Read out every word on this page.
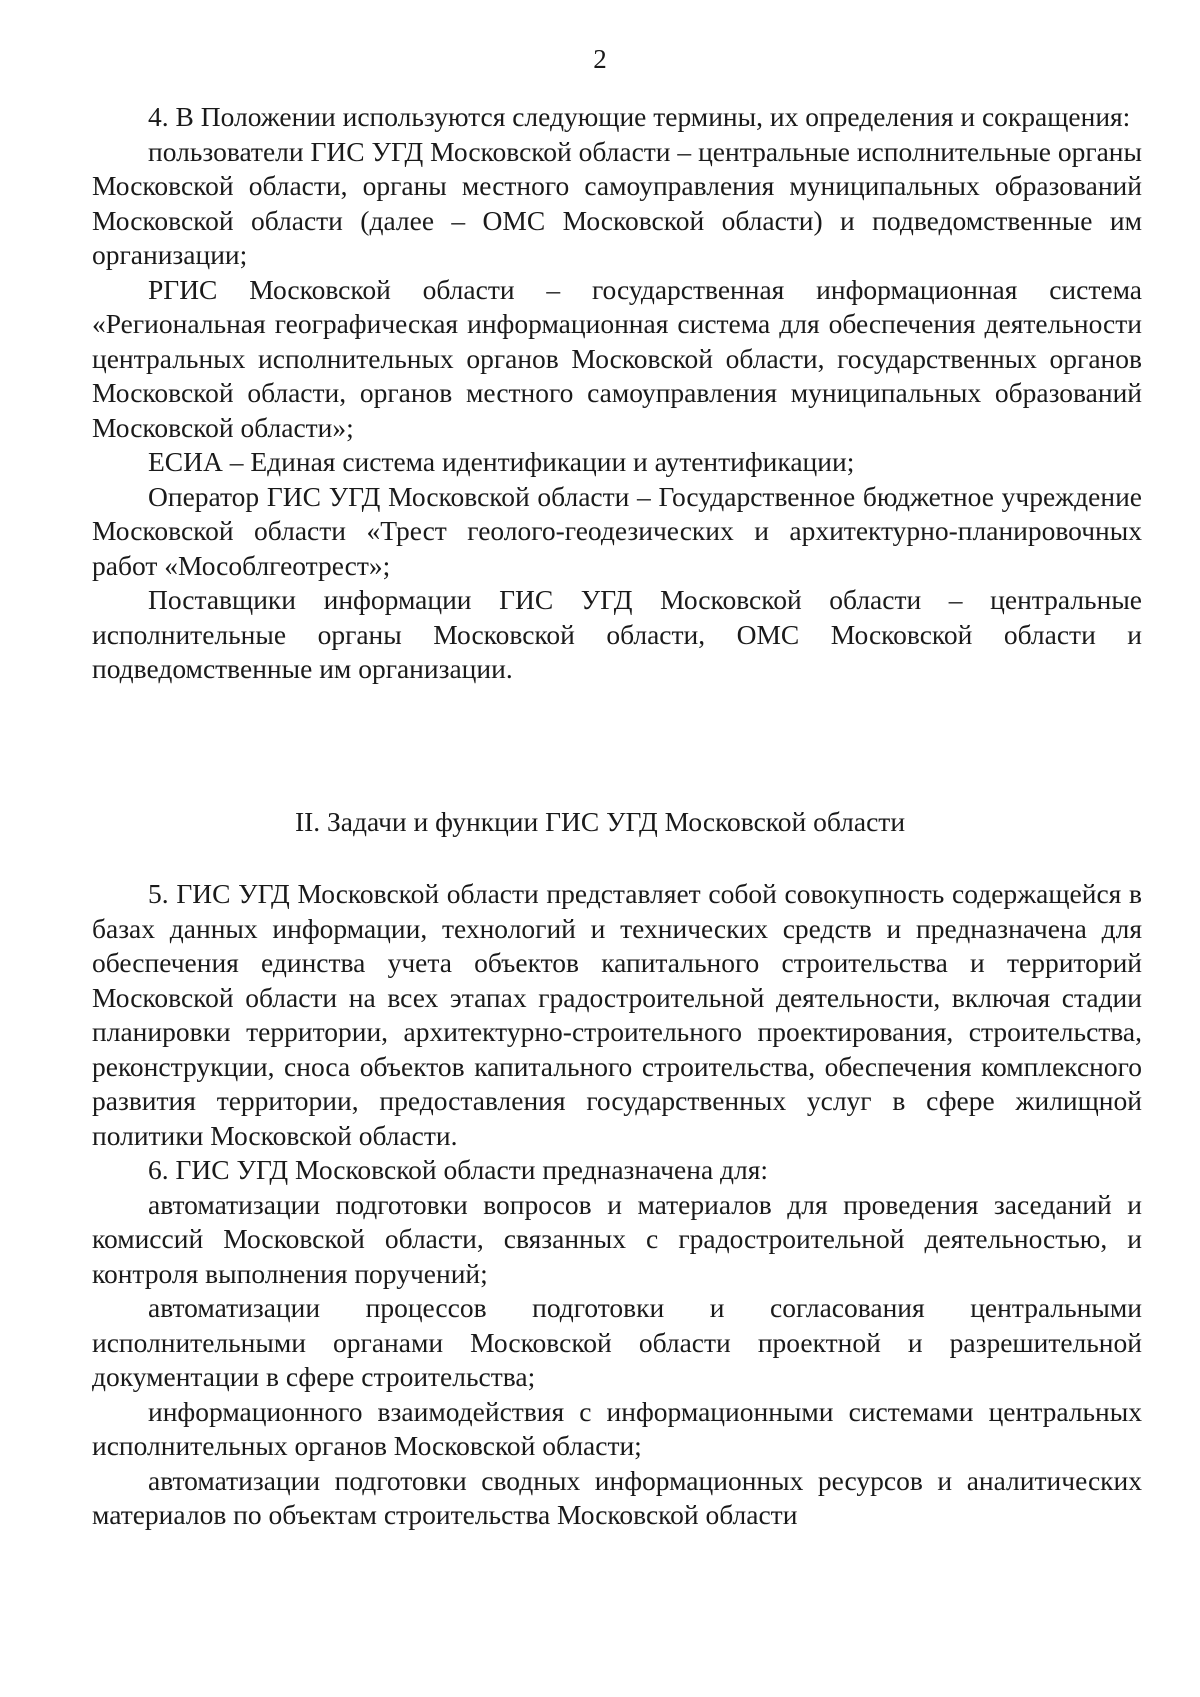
2

4. В Положении используются следующие термины, их определения и сокращения:

пользователи ГИС УГД Московской области – центральные исполнительные органы Московской области, органы местного самоуправления муниципальных образований Московской области (далее – ОМС Московской области) и подведомственные им организации;

РГИС Московской области – государственная информационная система «Региональная географическая информационная система для обеспечения деятельности центральных исполнительных органов Московской области, государственных органов Московской области, органов местного самоуправления муниципальных образований Московской области»;

ЕСИА – Единая система идентификации и аутентификации;

Оператор ГИС УГД Московской области – Государственное бюджетное учреждение Московской области «Трест геолого-геодезических и архитектурно-планировочных работ «Мособлгеотрест»;

Поставщики информации ГИС УГД Московской области – центральные исполнительные органы Московской области, ОМС Московской области и подведомственные им организации.

II. Задачи и функции ГИС УГД Московской области

5. ГИС УГД Московской области представляет собой совокупность содержащейся в базах данных информации, технологий и технических средств и предназначена для обеспечения единства учета объектов капитального строительства и территорий Московской области на всех этапах градостроительной деятельности, включая стадии планировки территории, архитектурно-строительного проектирования, строительства, реконструкции, сноса объектов капитального строительства, обеспечения комплексного развития территории, предоставления государственных услуг в сфере жилищной политики Московской области.

6. ГИС УГД Московской области предназначена для:

автоматизации подготовки вопросов и материалов для проведения заседаний и комиссий Московской области, связанных с градостроительной деятельностью, и контроля выполнения поручений;

автоматизации процессов подготовки и согласования центральными исполнительными органами Московской области проектной и разрешительной документации в сфере строительства;

информационного взаимодействия с информационными системами центральных исполнительных органов Московской области;

автоматизации подготовки сводных информационных ресурсов и аналитических материалов по объектам строительства Московской области
